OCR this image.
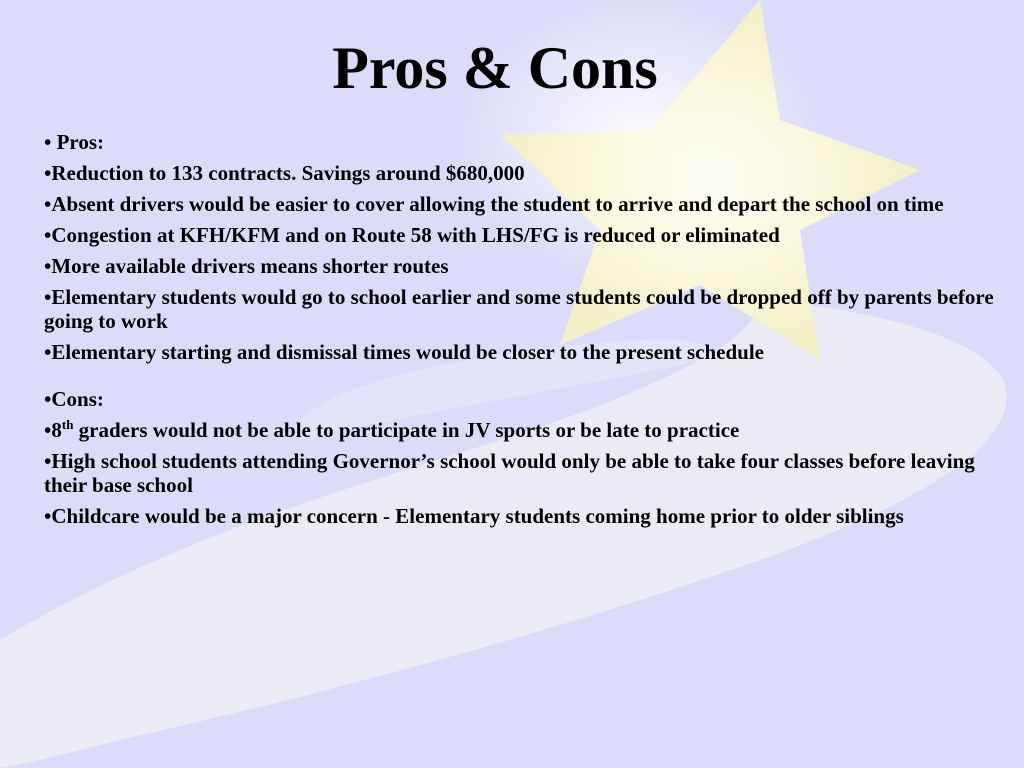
Pros & Cons
• Pros:
•Reduction to 133 contracts. Savings around $680,000
•Absent drivers would be easier to cover allowing the student to arrive and depart the school on time
•Congestion at KFH/KFM and on Route 58 with LHS/FG is reduced or eliminated
•More available drivers means shorter routes
•Elementary students would go to school earlier and some students could be dropped off by parents before going to work
•Elementary starting and dismissal times would be closer to the present schedule
•Cons:
•8th graders would not be able to participate in JV sports or be late to practice
•High school students attending Governor’s school would only be able to take four classes before leaving their base school
•Childcare would be a major concern - Elementary students coming home prior to older siblings
